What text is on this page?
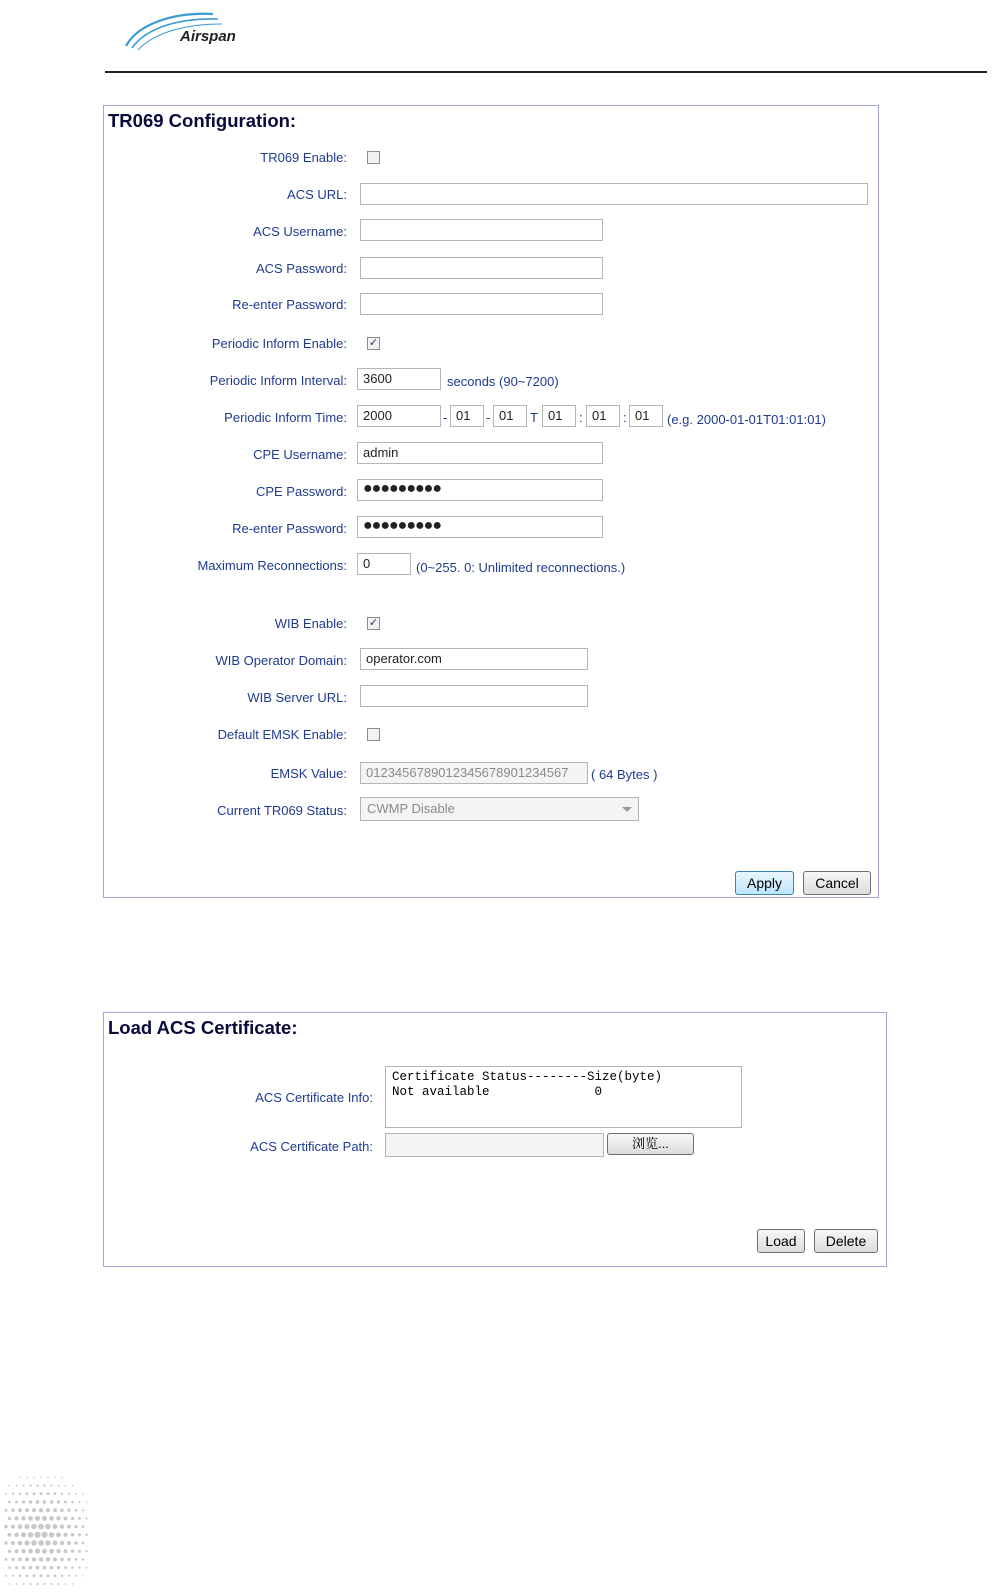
Airspan
TR069 Configuration:
TR069 Enable:
ACS URL:
ACS Username:
ACS Password:
Re-enter Password:
Periodic Inform Enable: ✓
Periodic Inform Interval:	3600	seconds (90~7200)
Periodic Inform Time:	2000	- 01	- 01	T 01	: 01	: 01	(e.g. 2000-01-01T01:01:01)
CPE Username:	admin
CPE Password:	●●●●●●●●●
Re-enter Password:	●●●●●●●●●
Maximum Reconnections:	0	(0~255. 0: Unlimited reconnections.)
WIB Enable: ✓
WIB Operator Domain:	operator.com
WIB Server URL:
Default EMSK Enable:
EMSK Value:	0123456789012345678901234567	( 64 Bytes )
Current TR069 Status:	CWMP Disable
Apply	Cancel
Load ACS Certificate:
ACS Certificate Info:
Certificate Status--------Size(byte)
Not available              0
ACS Certificate Path:	浏览...
Load	Delete
